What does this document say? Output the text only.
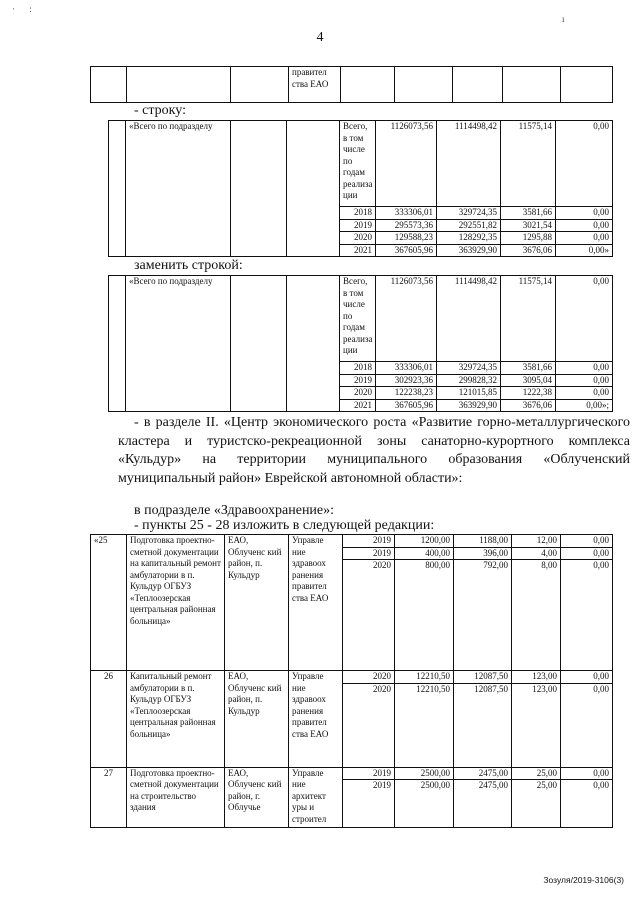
· :
ı
4
			правител ства ЕАО					
- строку:
	«Всего по подразделу			Всего, в том числе по годам реализа ции	1126073,56	1114498,42	11575,14	0,00
				2018	333306,01	329724,35	3581,66	0,00
				2019	295573,36	292551,82	3021,54	0,00
				2020	129588,23	128292,35	1295,88	0,00
				2021	367605,96	363929,90	3676,06	0,00»
заменить строкой:
	«Всего по подразделу			Всего, в том числе по годам реализа ции	1126073,56	1114498,42	11575,14	0,00
				2018	333306,01	329724,35	3581,66	0,00
				2019	302923,36	299828,32	3095,04	0,00
				2020	122238,23	121015,85	1222,38	0,00
				2021	367605,96	363929,90	3676,06	0,00»;
- в разделе II. «Центр экономического роста «Развитие горно-металлургического кластера и туристско-рекреационной зоны санаторно-курортного комплекса «Кульдур» на территории муниципального образования «Облученский муниципальный район» Еврейской автономной области»:
в подразделе «Здравоохранение»:
- пункты 25 - 28 изложить в следующей редакции:
«25	Подготовка проектно-сметной документации на капитальный ремонт амбулатории в п. Кульдур ОГБУЗ «Теплоозерская центральная районная больница»	ЕАО, Облученс кий район, п. Кульдур	Управле ние здравоох ранения правител ства ЕАО	2019	1200,00	1188,00	12,00	0,00
				2019	400,00	396,00	4,00	0,00
				2020	800,00	792,00	8,00	0,00
26	Капитальный ремонт амбулатории в п. Кульдур ОГБУЗ «Теплоозерская центральная районная больница»	ЕАО, Облученс кий район, п. Кульдур	Управле ние здравоох ранения правител ства ЕАО	2020	12210,50	12087,50	123,00	0,00
				2020	12210,50	12087,50	123,00	0,00
27	Подготовка проектно-сметной документации на строительство здания	ЕАО, Облученс кий район, г. Облучье	Управле ние архитект уры и строител	2019	2500,00	2475,00	25,00	0,00
				2019	2500,00	2475,00	25,00	0,00
Зозуля/2019-3106(3)
